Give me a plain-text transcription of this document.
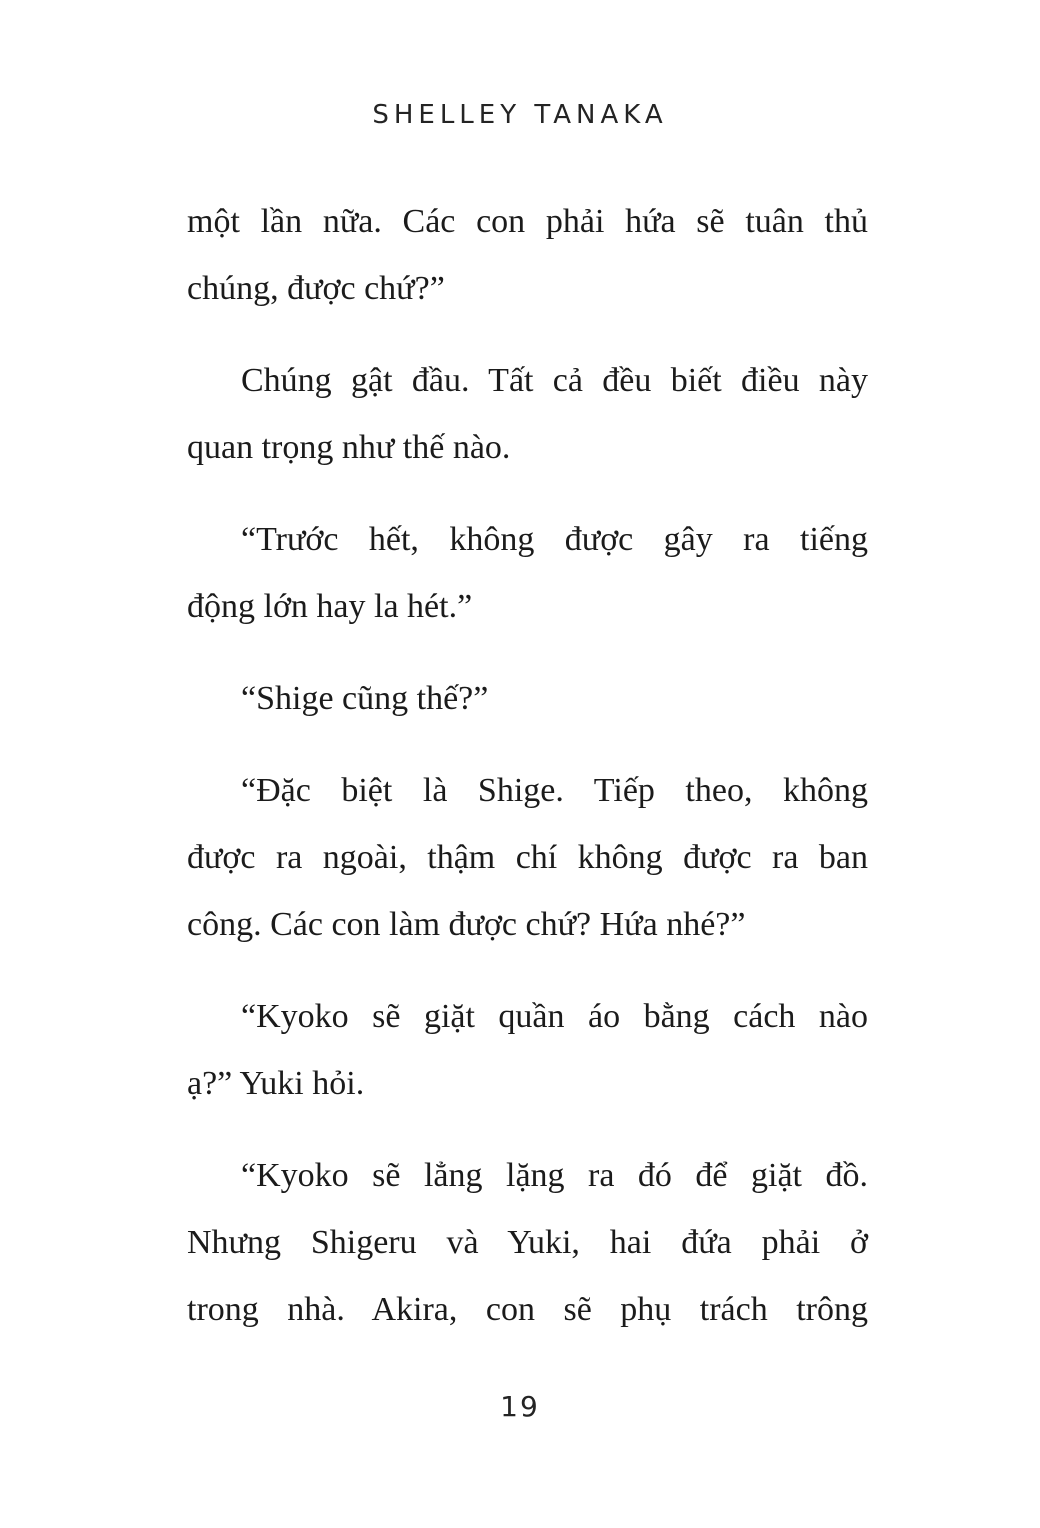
SHELLEY TANAKA

một lần nữa. Các con phải hứa sẽ tuân thủ
chúng, được chứ?”

Chúng gật đầu. Tất cả đều biết điều này
quan trọng như thế nào.

“Trước hết, không được gây ra tiếng
động lớn hay la hét.”

“Shige cũng thế?”

“Đặc biệt là Shige. Tiếp theo, không
được ra ngoài, thậm chí không được ra ban
công. Các con làm được chứ? Hứa nhé?”

“Kyoko sẽ giặt quần áo bằng cách nào
ạ?” Yuki hỏi.

“Kyoko sẽ lẳng lặng ra đó để giặt đồ.
Nhưng Shigeru và Yuki, hai đứa phải ở
trong nhà. Akira, con sẽ phụ trách trông

19
